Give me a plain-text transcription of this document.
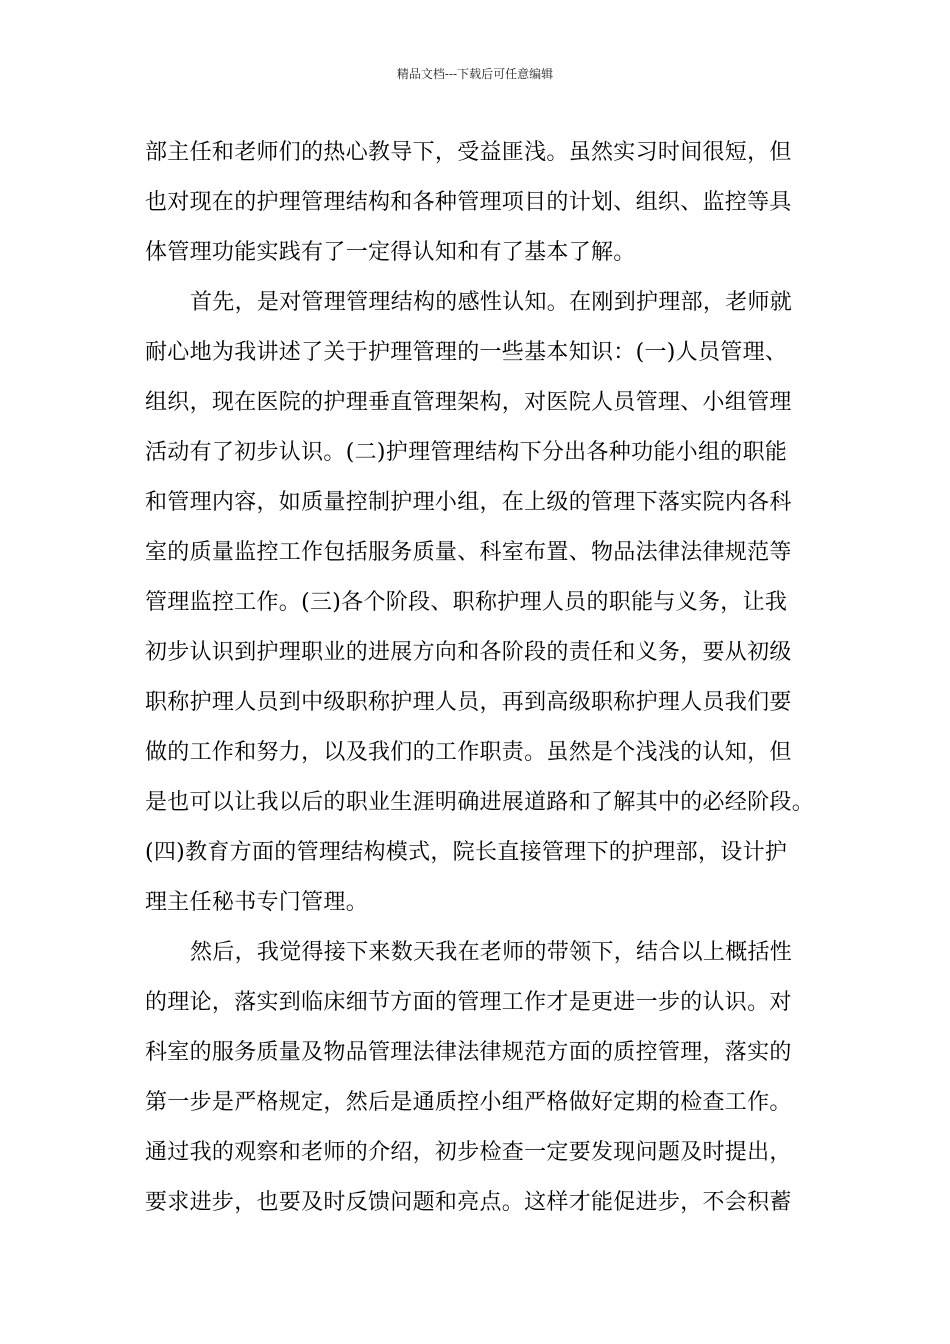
精品文档---下载后可任意编辑
部主任和老师们的热心教导下，受益匪浅。虽然实习时间很短，但
也对现在的护理管理结构和各种管理项目的计划、组织、监控等具
体管理功能实践有了一定得认知和有了基本了解。
首先，是对管理管理结构的感性认知。在刚到护理部，老师就
耐心地为我讲述了关于护理管理的一些基本知识：(一)人员管理、
组织，现在医院的护理垂直管理架构，对医院人员管理、小组管理
活动有了初步认识。(二)护理管理结构下分出各种功能小组的职能
和管理内容，如质量控制护理小组，在上级的管理下落实院内各科
室的质量监控工作包括服务质量、科室布置、物品法律法律规范等
管理监控工作。(三)各个阶段、职称护理人员的职能与义务，让我
初步认识到护理职业的进展方向和各阶段的责任和义务，要从初级
职称护理人员到中级职称护理人员，再到高级职称护理人员我们要
做的工作和努力，以及我们的工作职责。虽然是个浅浅的认知，但
是也可以让我以后的职业生涯明确进展道路和了解其中的必经阶段。
(四)教育方面的管理结构模式，院长直接管理下的护理部，设计护
理主任秘书专门管理。
然后，我觉得接下来数天我在老师的带领下，结合以上概括性
的理论，落实到临床细节方面的管理工作才是更进一步的认识。对
科室的服务质量及物品管理法律法律规范方面的质控管理，落实的
第一步是严格规定，然后是通质控小组严格做好定期的检查工作。
通过我的观察和老师的介绍，初步检查一定要发现问题及时提出，
要求进步，也要及时反馈问题和亮点。这样才能促进步，不会积蓄
